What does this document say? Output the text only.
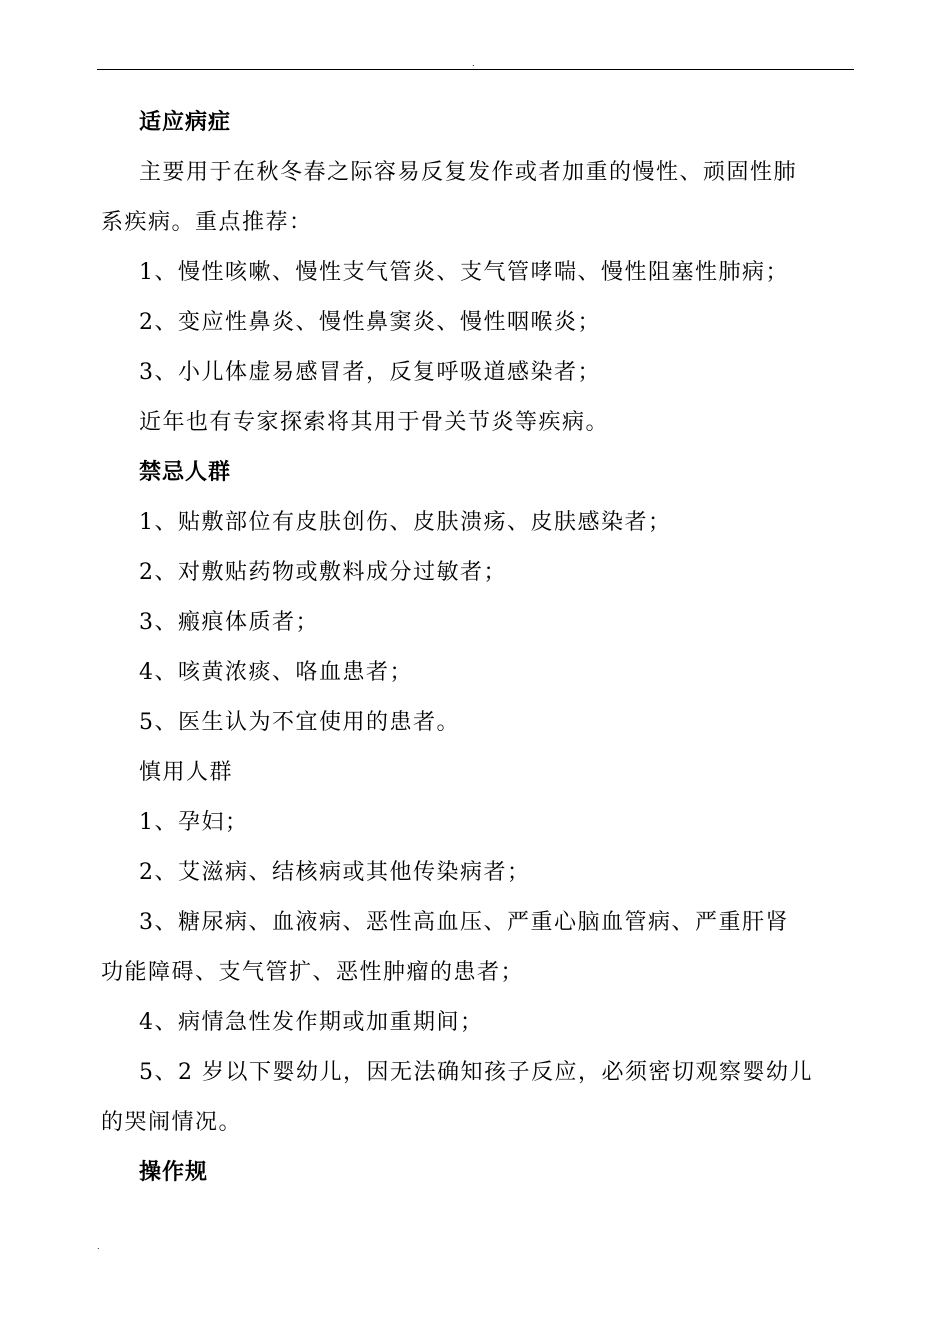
.

适应病症

主要用于在秋冬春之际容易反复发作或者加重的慢性、顽固性肺

系疾病。重点推荐：

1、慢性咳嗽、慢性支气管炎、支气管哮喘、慢性阻塞性肺病；

2、变应性鼻炎、慢性鼻窦炎、慢性咽喉炎；

3、小儿体虚易感冒者，反复呼吸道感染者；

近年也有专家探索将其用于骨关节炎等疾病。

禁忌人群

1、贴敷部位有皮肤创伤、皮肤溃疡、皮肤感染者；

2、对敷贴药物或敷料成分过敏者；

3、瘢痕体质者；

4、咳黄浓痰、咯血患者；

5、医生认为不宜使用的患者。

慎用人群

1、孕妇；

2、艾滋病、结核病或其他传染病者；

3、糖尿病、血液病、恶性高血压、严重心脑血管病、严重肝肾

功能障碍、支气管扩、恶性肿瘤的患者；

4、病情急性发作期或加重期间；

5、2 岁以下婴幼儿，因无法确知孩子反应，必须密切观察婴幼儿

的哭闹情况。

操作规

.
